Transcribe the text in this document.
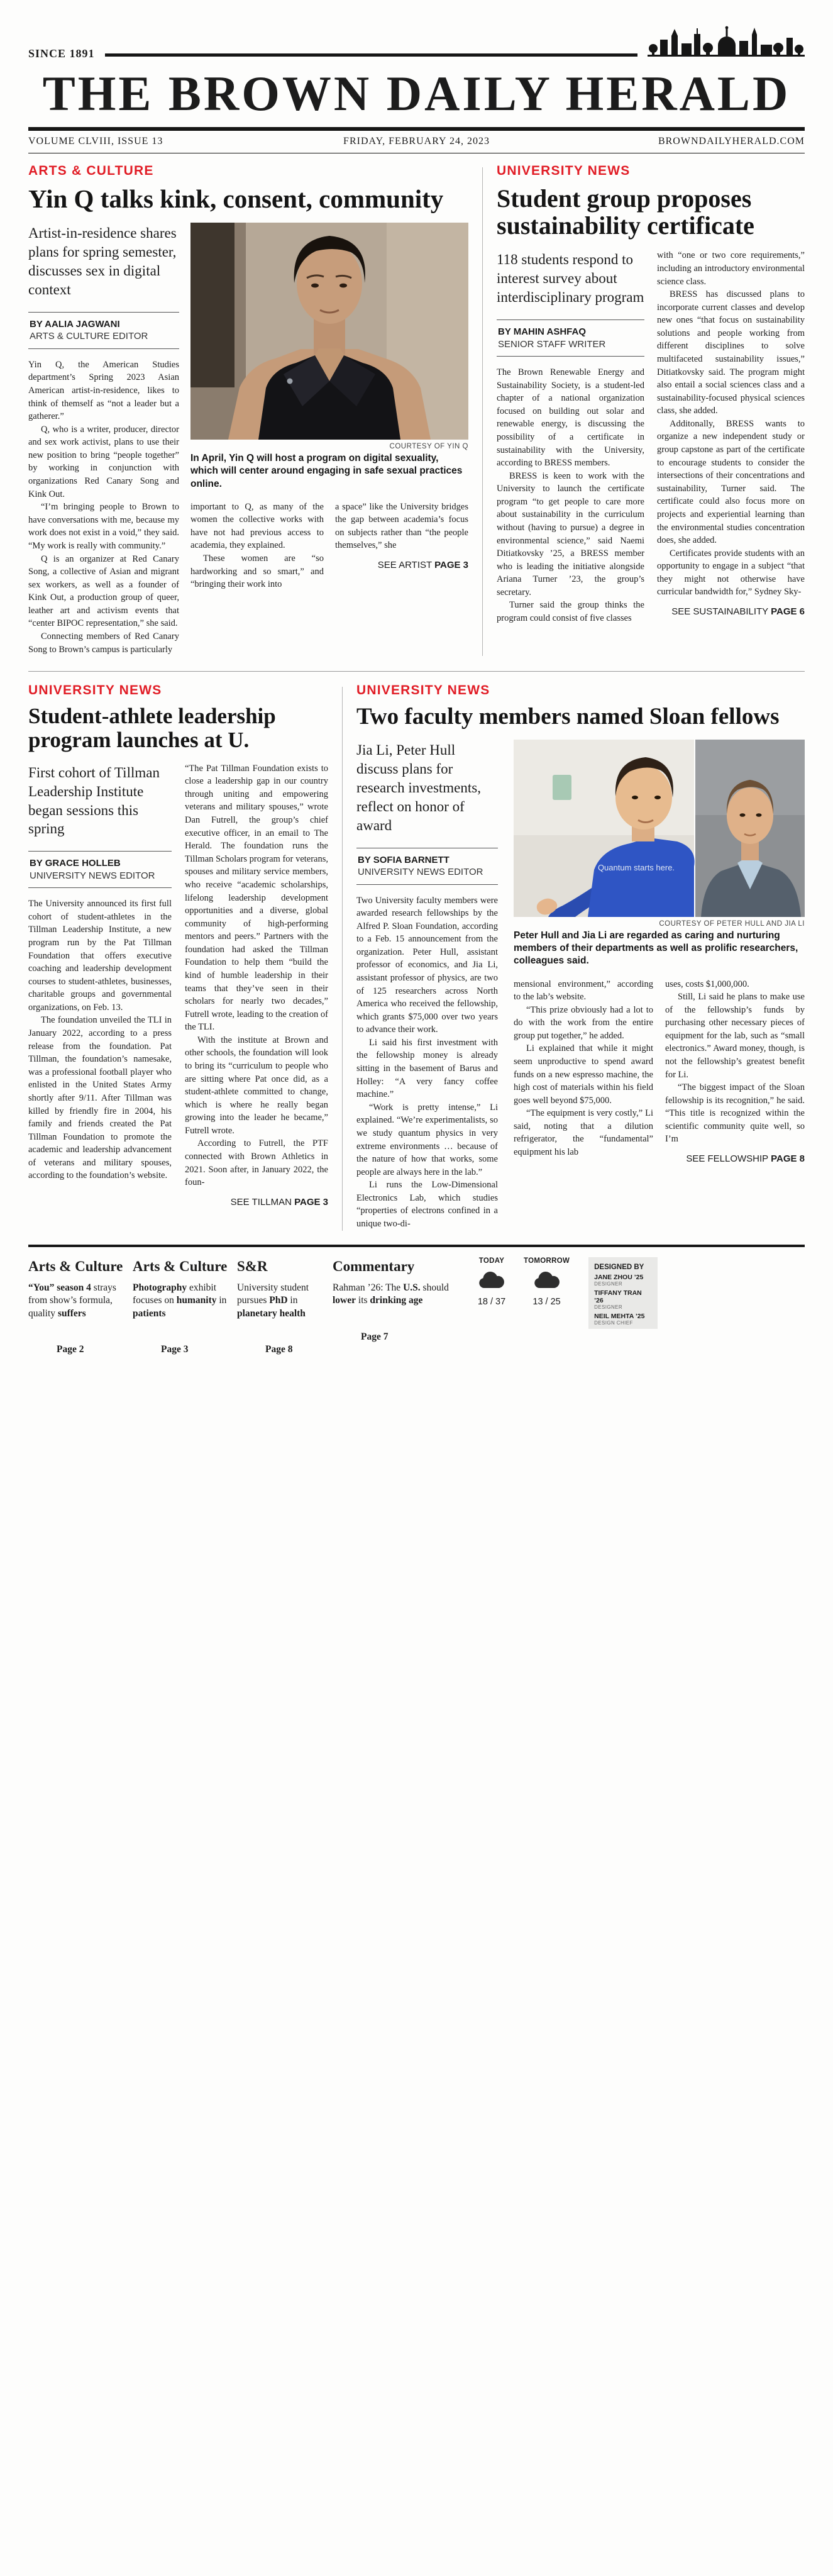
SINCE 1891
THE BROWN DAILY HERALD
VOLUME CLVIII, ISSUE 13	FRIDAY, FEBRUARY 24, 2023	BROWNDAILYHERALD.COM
ARTS & CULTURE
Yin Q talks kink, consent, community
Artist-in-residence shares plans for spring semester, discusses sex in digital context
BY AALIA JAGWANI
ARTS & CULTURE EDITOR

Yin Q, the American Studies department’s Spring 2023 Asian American artist-in-residence, likes to think of themself as “not a leader but a gatherer.”

Q, who is a writer, producer, director and sex work activist, plans to use their new position to bring “people together” by working in conjunction with organizations Red Canary Song and Kink Out.

“I’m bringing people to Brown to have conversations with me, because my work does not exist in a void,” they said. “My work is really with community.”

Q is an organizer at Red Canary Song, a collective of Asian and migrant sex workers, as well as a founder of Kink Out, a production group of queer, leather art and activism events that “center BIPOC representation,” she said.

Connecting members of Red Canary Song to Brown’s campus is particularly

COURTESY OF YIN Q

In April, Yin Q will host a program on digital sexuality, which will center around engaging in safe sexual practices online.

important to Q, as many of the women the collective works with have not had previous access to academia, they explained.

These women are “so hardworking and so smart,” and “bringing their work into

a space” like the University bridges the gap between academia’s focus on subjects rather than “the people themselves,” she

SEE ARTIST PAGE 3
UNIVERSITY NEWS
Student group proposes sustainability certificate
118 students respond to interest survey about interdisciplinary program
BY MAHIN ASHFAQ
SENIOR STAFF WRITER

The Brown Renewable Energy and Sustainability Society, is a student-led chapter of a national organization focused on building out solar and renewable energy, is discussing the possibility of a certificate in sustainability with the University, according to BRESS members.

BRESS is keen to work with the University to launch the certificate program “to get people to care more about sustainability in the curriculum without (having to pursue) a degree in environmental science,” said Naemi Ditiatkovsky ’25, a BRESS member who is leading the initiative alongside Ariana Turner ’23, the group’s secretary.

Turner said the group thinks the program could consist of five classes

with “one or two core requirements,” including an introductory environmental science class.

BRESS has discussed plans to incorporate current classes and develop new ones “that focus on sustainability solutions and people working from different disciplines to solve multifaceted sustainability issues,” Ditiatkovsky said. The program might also entail a social sciences class and a sustainability-focused physical sciences class, she added.

Additonally, BRESS wants to organize a new independent study or group capstone as part of the certificate to encourage students to consider the intersections of their concentrations and sustainability, Turner said. The certificate could also focus more on projects and experiential learning than the environmental studies concentration does, she added.

Certificates provide students with an opportunity to engage in a subject “that they might not otherwise have curricular bandwidth for,” Sydney Sky-

SEE SUSTAINABILITY PAGE 6
UNIVERSITY NEWS
Student-athlete leadership program launches at U.
First cohort of Tillman Leadership Institute began sessions this spring
BY GRACE HOLLEB
UNIVERSITY NEWS EDITOR

The University announced its first full cohort of student-athletes in the Tillman Leadership Institute, a new program run by the Pat Tillman Foundation that offers executive coaching and leadership development courses to student-athletes, businesses, charitable groups and governmental organizations, on Feb. 13.

The foundation unveiled the TLI in January 2022, according to a press release from the foundation. Pat Tillman, the foundation’s namesake, was a professional football player who enlisted in the United States Army shortly after 9/11. After Tillman was killed by friendly fire in 2004, his family and friends created the Pat Tillman Foundation to promote the academic and leadership advancement of veterans and military spouses, according to the foundation’s website.

“The Pat Tillman Foundation exists to close a leadership gap in our country through uniting and empowering veterans and military spouses,” wrote Dan Futrell, the group’s chief executive officer, in an email to The Herald. The foundation runs the Tillman Scholars program for veterans, spouses and military service members, who receive “academic scholarships, lifelong leadership development opportunities and a diverse, global community of high-performing mentors and peers.” Partners with the foundation had asked the Tillman Foundation to help them “build the kind of humble leadership in their teams that they’ve seen in their scholars for nearly two decades,” Futrell wrote, leading to the creation of the TLI.

With the institute at Brown and other schools, the foundation will look to bring its “curriculum to people who are sitting where Pat once did, as a student-athlete committed to change, which is where he really began growing into the leader he became,” Futrell wrote.

According to Futrell, the PTF connected with Brown Athletics in 2021. Soon after, in January 2022, the foun-

SEE TILLMAN PAGE 3
UNIVERSITY NEWS
Two faculty members named Sloan fellows
Jia Li, Peter Hull discuss plans for research investments, reflect on honor of award
BY SOFIA BARNETT
UNIVERSITY NEWS EDITOR

Two University faculty members were awarded research fellowships by the Alfred P. Sloan Foundation, according to a Feb. 15 announcement from the organization. Peter Hull, assistant professor of economics, and Jia Li, assistant professor of physics, are two of 125 researchers across North America who received the fellowship, which grants $75,000 over two years to advance their work.

Li said his first investment with the fellowship money is already sitting in the basement of Barus and Holley: “A very fancy coffee machine.”

“Work is pretty intense,” Li explained. “We’re experimentalists, so we study quantum physics in very extreme environments … because of the nature of how that works, some people are always here in the lab.”

Li runs the Low-Dimensional Electronics Lab, which studies “properties of electrons confined in a unique two-di-

Quantum starts here.
COURTESY OF PETER HULL AND JIA LI

Peter Hull and Jia Li are regarded as caring and nurturing members of their departments as well as prolific researchers, colleagues said.

mensional environment,” according to the lab’s website.

“This prize obviously had a lot to do with the work from the entire group put together,” he added.

Li explained that while it might seem unproductive to spend award funds on a new espresso machine, the high cost of materials within his field goes well beyond $75,000.

“The equipment is very costly,” Li said, noting that a dilution refrigerator, the “fundamental” equipment his lab

uses, costs $1,000,000.

Still, Li said he plans to make use of the fellowship’s funds by purchasing other necessary pieces of equipment for the lab, such as “small electronics.” Award money, though, is not the fellowship’s greatest benefit for Li.

“The biggest impact of the Sloan fellowship is its recognition,” he said. “This title is recognized within the scientific community quite well, so I’m

SEE FELLOWSHIP PAGE 8
Arts & Culture
“You” season 4 strays from show’s formula, quality suffers
Page 2
Arts & Culture
Photography exhibit focuses on humanity in patients
Page 3
S&R
University student pursues PhD in planetary health
Page 8
Commentary
Rahman ’26: The U.S. should lower its drinking age
Page 7
TODAY
18 / 37
TOMORROW
13 / 25
DESIGNED BY
JANE ZHOU ’25
DESIGNER
TIFFANY TRAN ’26
DESIGNER
NEIL MEHTA ’25
DESIGN CHIEF
